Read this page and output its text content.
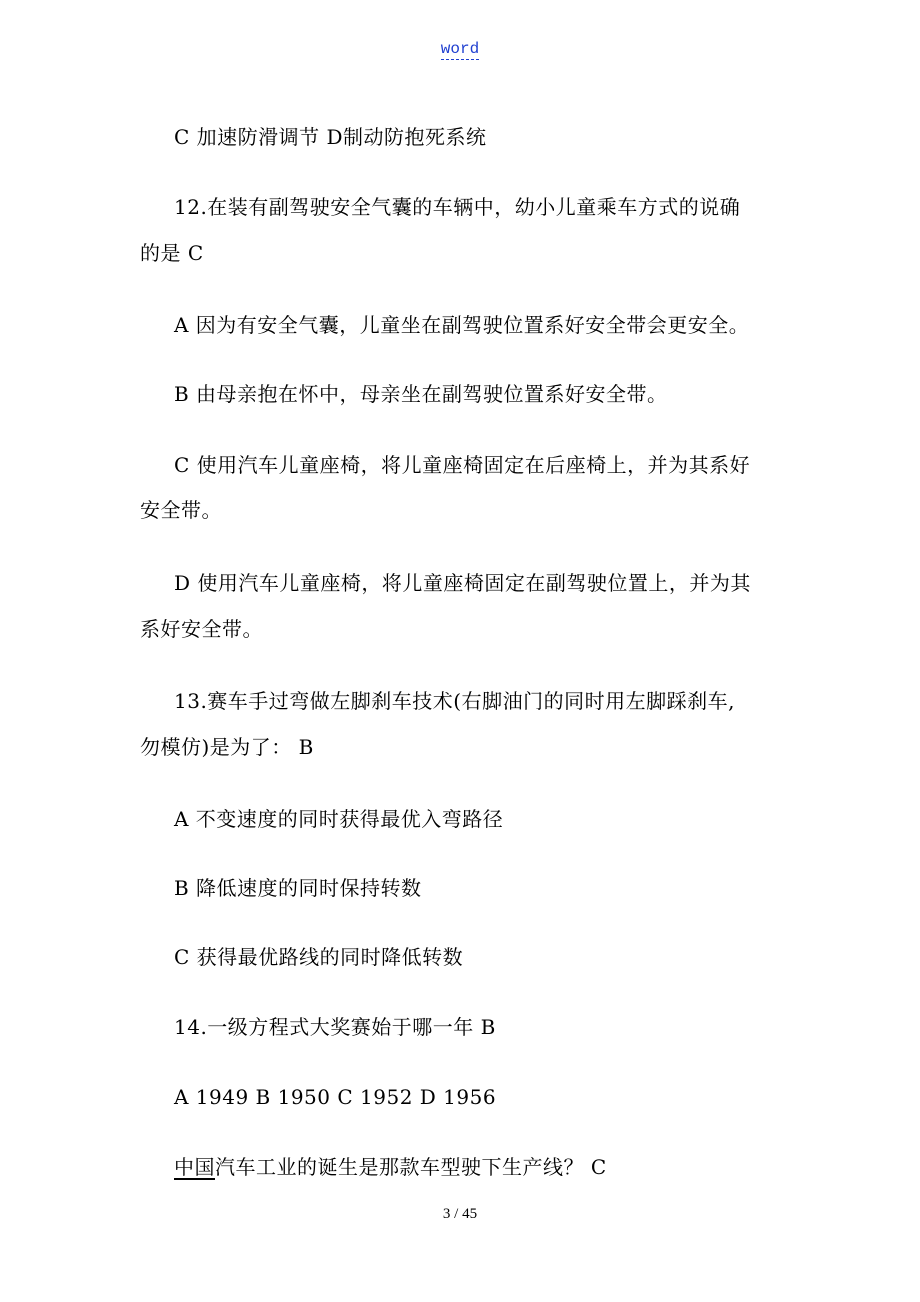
word
C 加速防滑调节 D制动防抱死系统
12.在装有副驾驶安全气囊的车辆中，幼小儿童乘车方式的说确
的是 C
A 因为有安全气囊，儿童坐在副驾驶位置系好安全带会更安全。
B 由母亲抱在怀中，母亲坐在副驾驶位置系好安全带。
C 使用汽车儿童座椅，将儿童座椅固定在后座椅上，并为其系好
安全带。
D 使用汽车儿童座椅，将儿童座椅固定在副驾驶位置上，并为其
系好安全带。
13.赛车手过弯做左脚刹车技术(右脚油门的同时用左脚踩刹车,
勿模仿)是为了： B
A 不变速度的同时获得最优入弯路径
B 降低速度的同时保持转数
C 获得最优路线的同时降低转数
14.一级方程式大奖赛始于哪一年 B
A 1949 B 1950 C 1952 D 1956
中国汽车工业的诞生是那款车型驶下生产线？ C
3 / 45
